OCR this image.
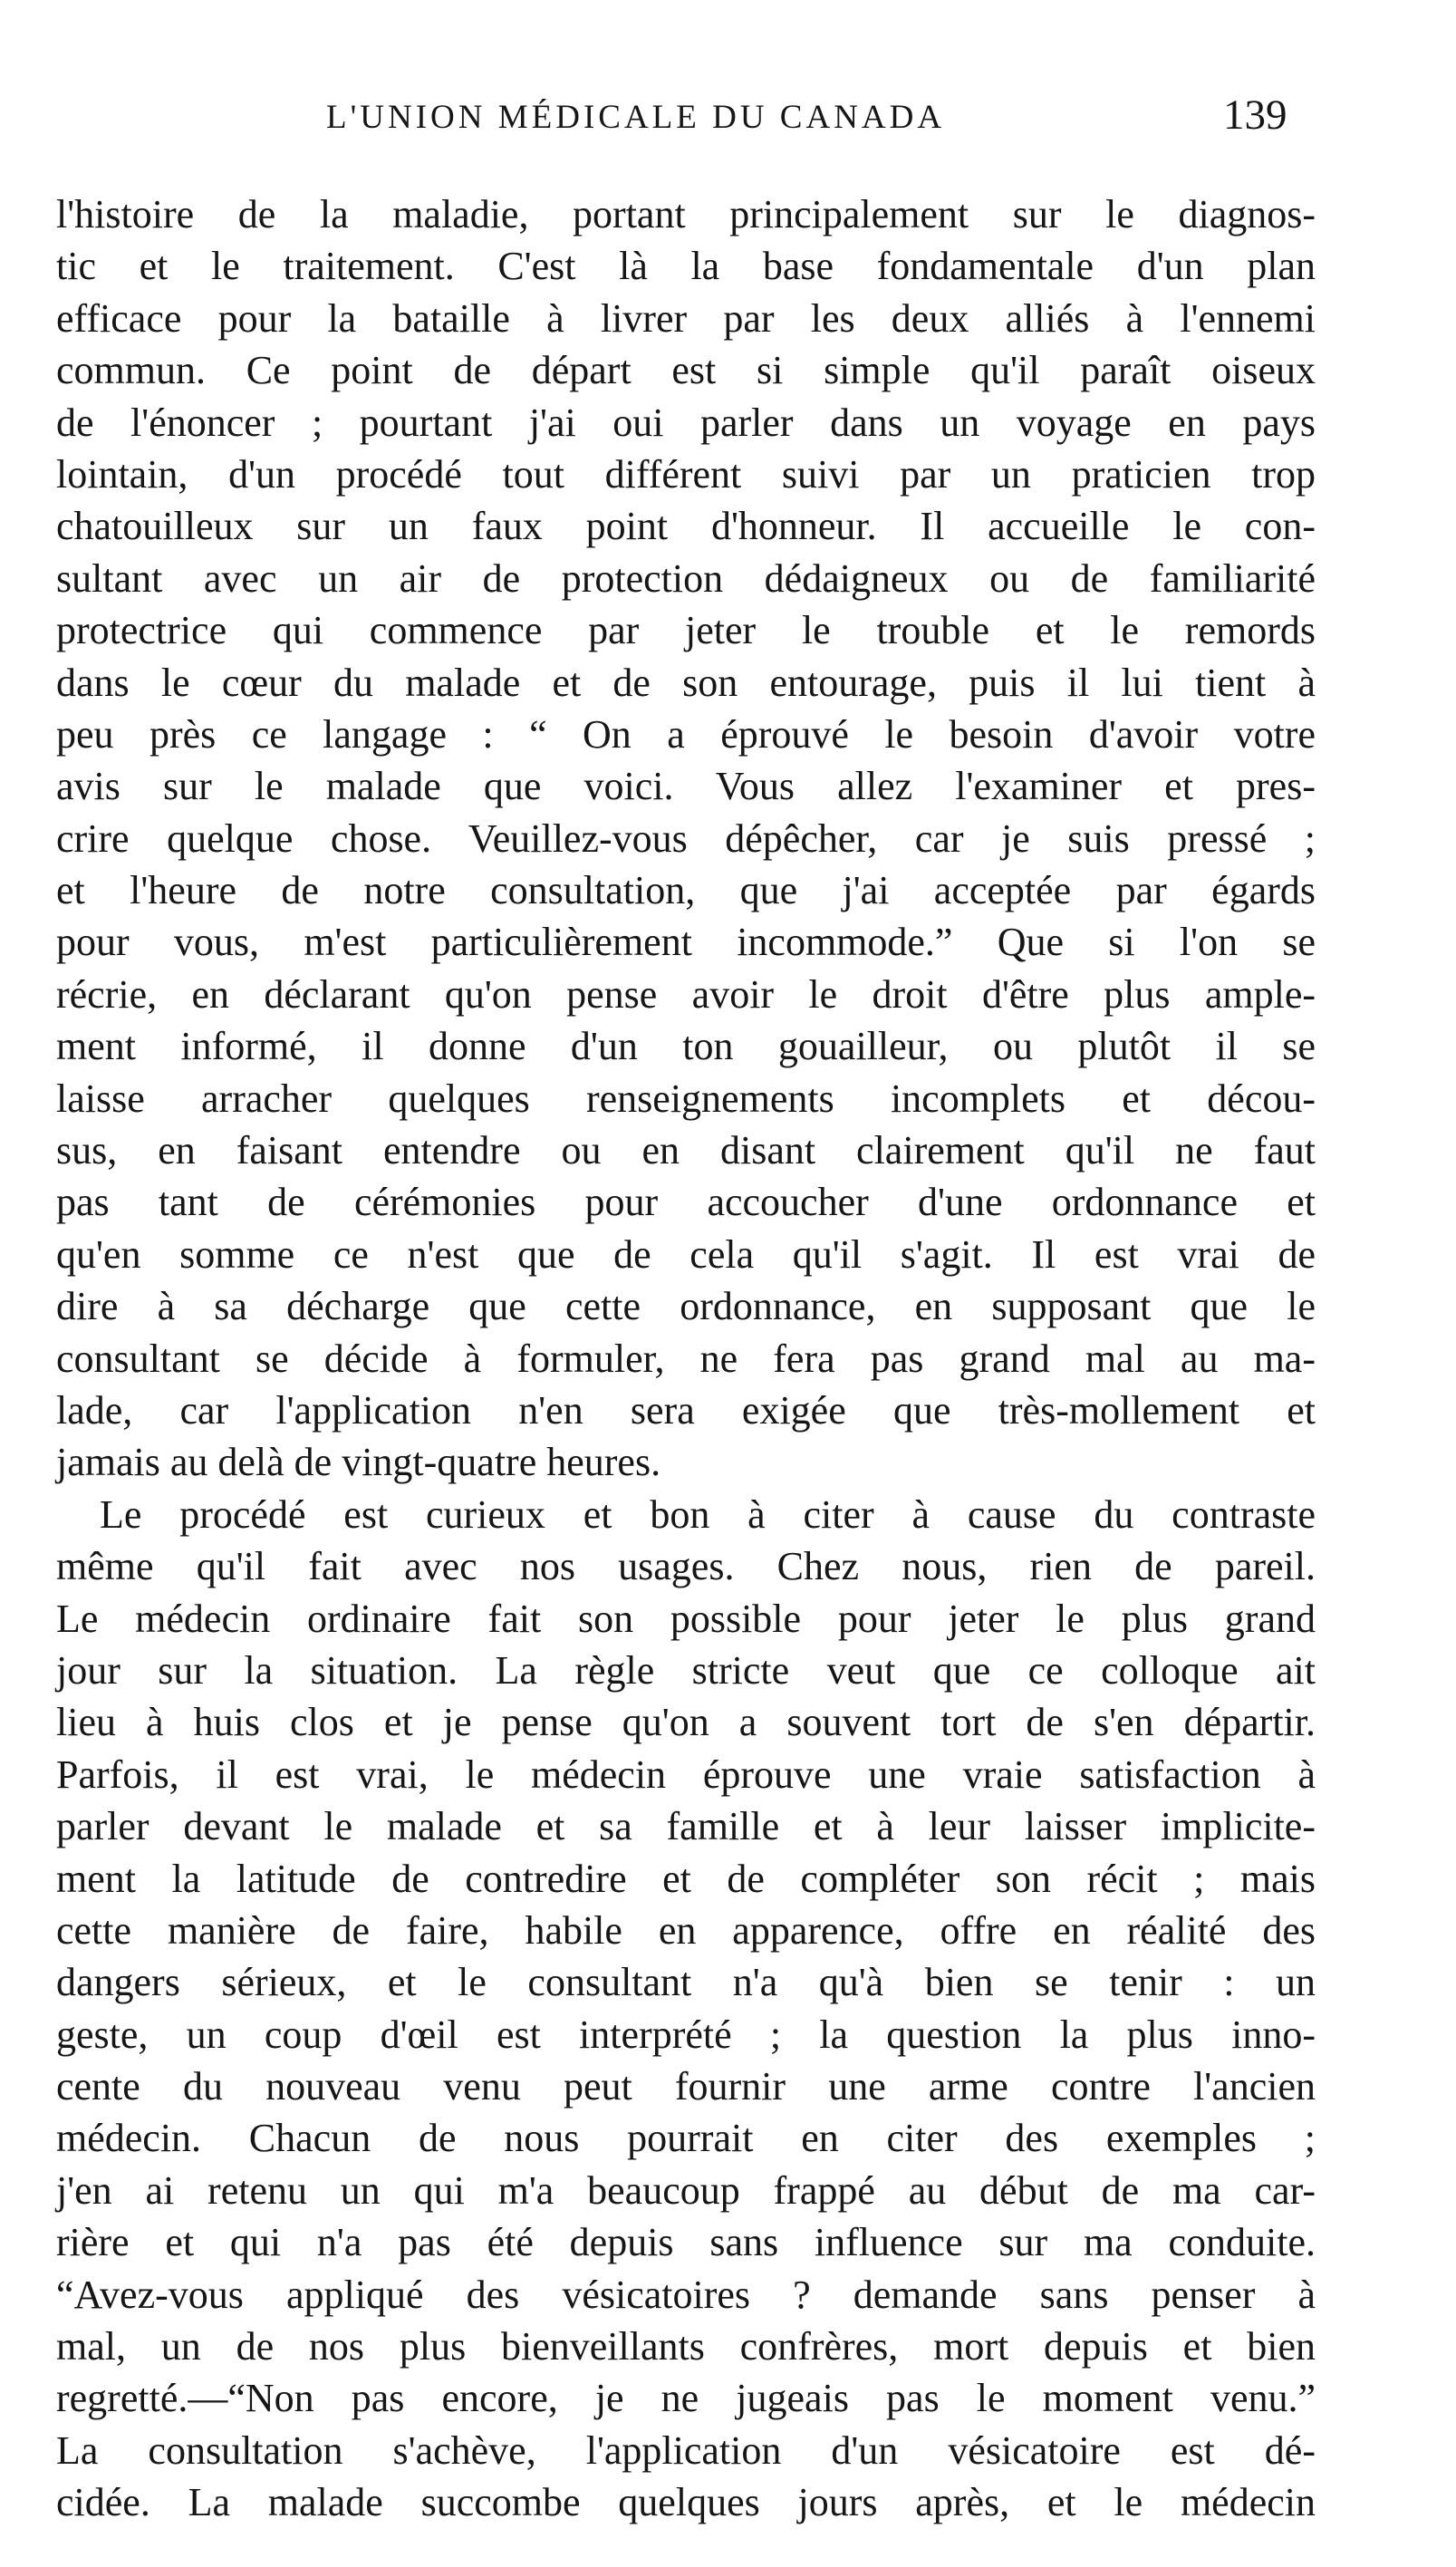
L'UNION MÉDICALE DU CANADA	139
l'histoire de la maladie, portant principalement sur le diagnos-
tic et le traitement. C'est là la base fondamentale d'un plan
efficace pour la bataille à livrer par les deux alliés à l'ennemi
commun. Ce point de départ est si simple qu'il paraît oiseux
de l'énoncer ; pourtant j'ai oui parler dans un voyage en pays
lointain, d'un procédé tout différent suivi par un praticien trop
chatouilleux sur un faux point d'honneur. Il accueille le con-
sultant avec un air de protection dédaigneux ou de familiarité
protectrice qui commence par jeter le trouble et le remords
dans le cœur du malade et de son entourage, puis il lui tient à
peu près ce langage : “ On a éprouvé le besoin d'avoir votre
avis sur le malade que voici. Vous allez l'examiner et pres-
crire quelque chose. Veuillez-vous dépêcher, car je suis pressé ;
et l'heure de notre consultation, que j'ai acceptée par égards
pour vous, m'est particulièrement incommode.” Que si l'on se
récrie, en déclarant qu'on pense avoir le droit d'être plus ample-
ment informé, il donne d'un ton gouailleur, ou plutôt il se
laisse arracher quelques renseignements incomplets et décou-
sus, en faisant entendre ou en disant clairement qu'il ne faut
pas tant de cérémonies pour accoucher d'une ordonnance et
qu'en somme ce n'est que de cela qu'il s'agit. Il est vrai de
dire à sa décharge que cette ordonnance, en supposant que le
consultant se décide à formuler, ne fera pas grand mal au ma-
lade, car l'application n'en sera exigée que très-mollement et
jamais au delà de vingt-quatre heures.
Le procédé est curieux et bon à citer à cause du contraste
même qu'il fait avec nos usages. Chez nous, rien de pareil.
Le médecin ordinaire fait son possible pour jeter le plus grand
jour sur la situation. La règle stricte veut que ce colloque ait
lieu à huis clos et je pense qu'on a souvent tort de s'en départir.
Parfois, il est vrai, le médecin éprouve une vraie satisfaction à
parler devant le malade et sa famille et à leur laisser implicite-
ment la latitude de contredire et de compléter son récit ; mais
cette manière de faire, habile en apparence, offre en réalité des
dangers sérieux, et le consultant n'a qu'à bien se tenir : un
geste, un coup d'œil est interprété ; la question la plus inno-
cente du nouveau venu peut fournir une arme contre l'ancien
médecin. Chacun de nous pourrait en citer des exemples ;
j'en ai retenu un qui m'a beaucoup frappé au début de ma car-
rière et qui n'a pas été depuis sans influence sur ma conduite.
“Avez-vous appliqué des vésicatoires ? demande sans penser à
mal, un de nos plus bienveillants confrères, mort depuis et bien
regretté.—“Non pas encore, je ne jugeais pas le moment venu.”
La consultation s'achève, l'application d'un vésicatoire est dé-
cidée. La malade succombe quelques jours après, et le médecin
